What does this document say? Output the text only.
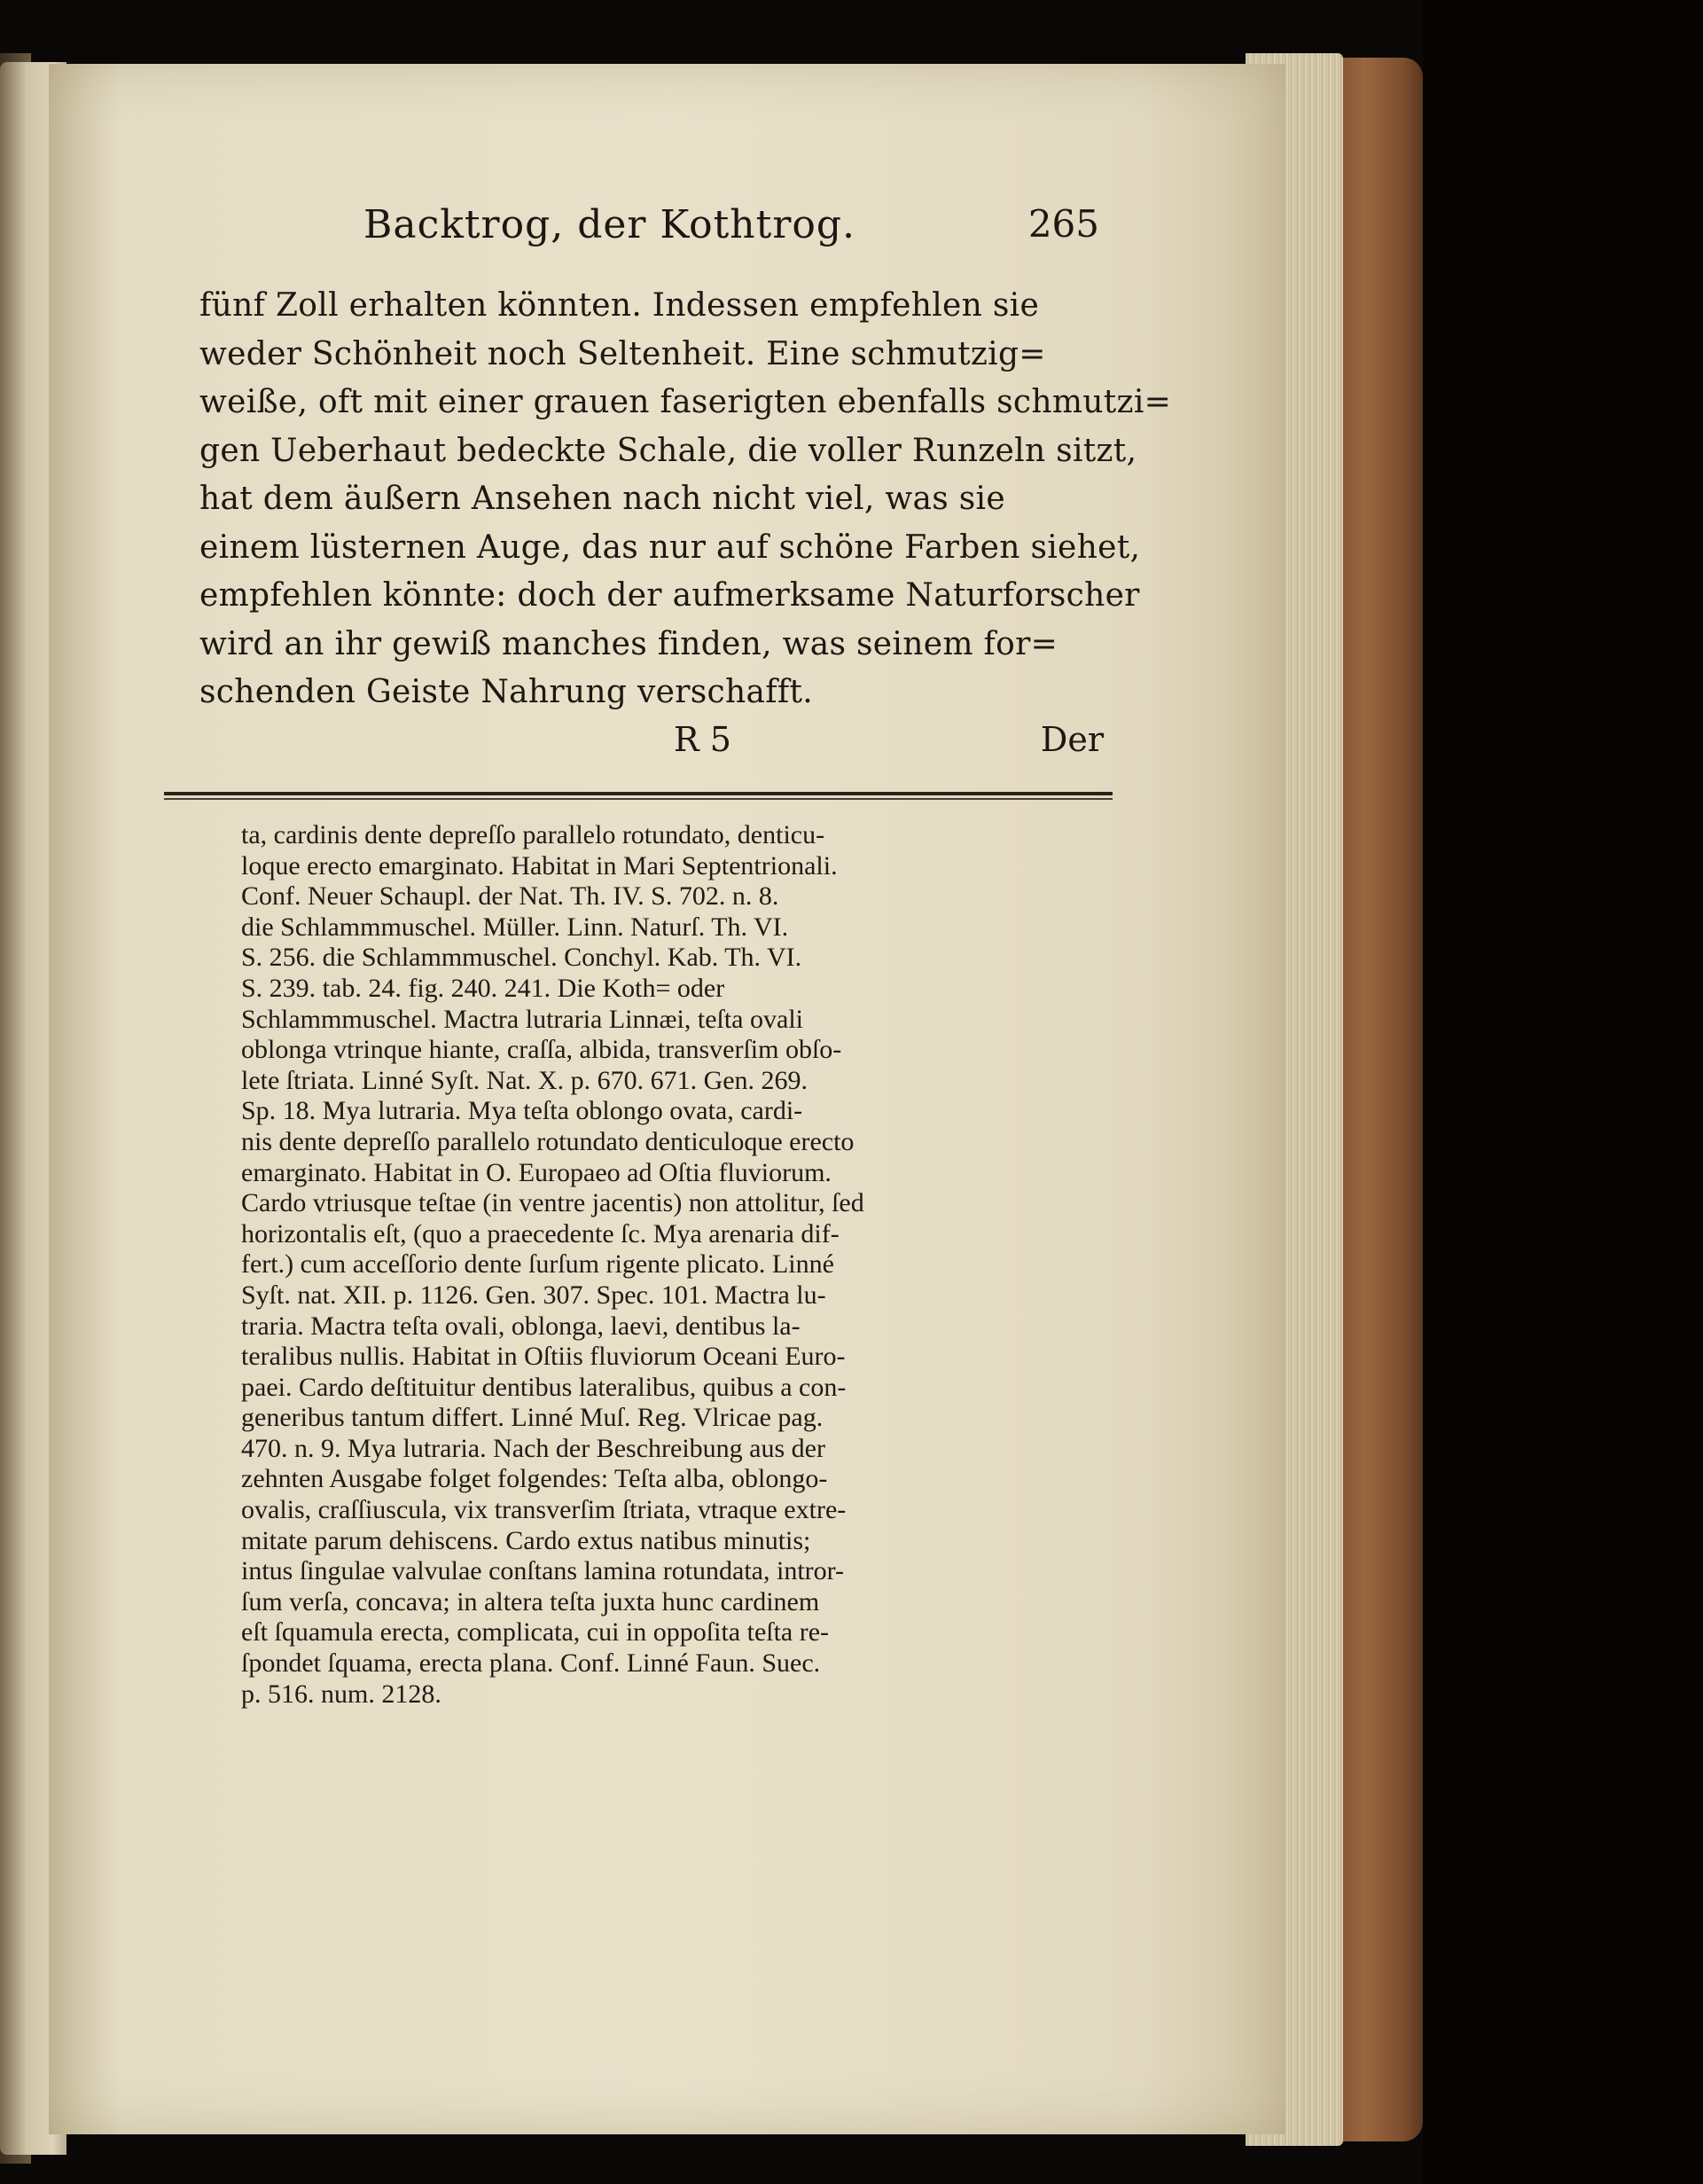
Backtrog, der Kothtrog.	265
fünf Zoll erhalten könnten. Indessen empfehlen sie
weder Schönheit noch Seltenheit. Eine schmutzig=
weiße, oft mit einer grauen faserigten ebenfalls schmutzi=
gen Ueberhaut bedeckte Schale, die voller Runzeln sitzt,
hat dem äußern Ansehen nach nicht viel, was sie
einem lüsternen Auge, das nur auf schöne Farben siehet,
empfehlen könnte: doch der aufmerksame Naturforscher
wird an ihr gewiß manches finden, was seinem for=
schenden Geiste Nahrung verschafft.
R 5	Der
ta, cardinis dente depreſſo parallelo rotundato, denticu-
loque erecto emarginato. Habitat in Mari Septentrionali.
Conf. Neuer Schaupl. der Nat. Th. IV. S. 702. n. 8.
die Schlammmuschel. Müller. Linn. Naturſ. Th. VI.
S. 256. die Schlammmuschel. Conchyl. Kab. Th. VI.
S. 239. tab. 24. fig. 240. 241. Die Koth= oder
Schlammmuschel. Mactra lutraria Linnæi, teſta ovali
oblonga vtrinque hiante, craſſa, albida, transverſim obſo-
lete ſtriata. Linné Syſt. Nat. X. p. 670. 671. Gen. 269.
Sp. 18. Mya lutraria. Mya teſta oblongo ovata, cardi-
nis dente depreſſo parallelo rotundato denticuloque erecto
emarginato. Habitat in O. Europaeo ad Oſtia fluviorum.
Cardo vtriusque teſtae (in ventre jacentis) non attolitur, ſed
horizontalis eſt, (quo a praecedente ſc. Mya arenaria dif-
fert.) cum acceſſorio dente ſurſum rigente plicato. Linné
Syſt. nat. XII. p. 1126. Gen. 307. Spec. 101. Mactra lu-
traria. Mactra teſta ovali, oblonga, laevi, dentibus la-
teralibus nullis. Habitat in Oſtiis fluviorum Oceani Euro-
paei. Cardo deſtituitur dentibus lateralibus, quibus a con-
generibus tantum differt. Linné Muſ. Reg. Vlricae pag.
470. n. 9. Mya lutraria. Nach der Beschreibung aus der
zehnten Ausgabe folget folgendes: Teſta alba, oblongo-
ovalis, craſſiuscula, vix transverſim ſtriata, vtraque extre-
mitate parum dehiscens. Cardo extus natibus minutis;
intus ſingulae valvulae conſtans lamina rotundata, intror-
ſum verſa, concava; in altera teſta juxta hunc cardinem
eſt ſquamula erecta, complicata, cui in oppoſita teſta re-
ſpondet ſquama, erecta plana. Conf. Linné Faun. Suec.
p. 516. num. 2128.
